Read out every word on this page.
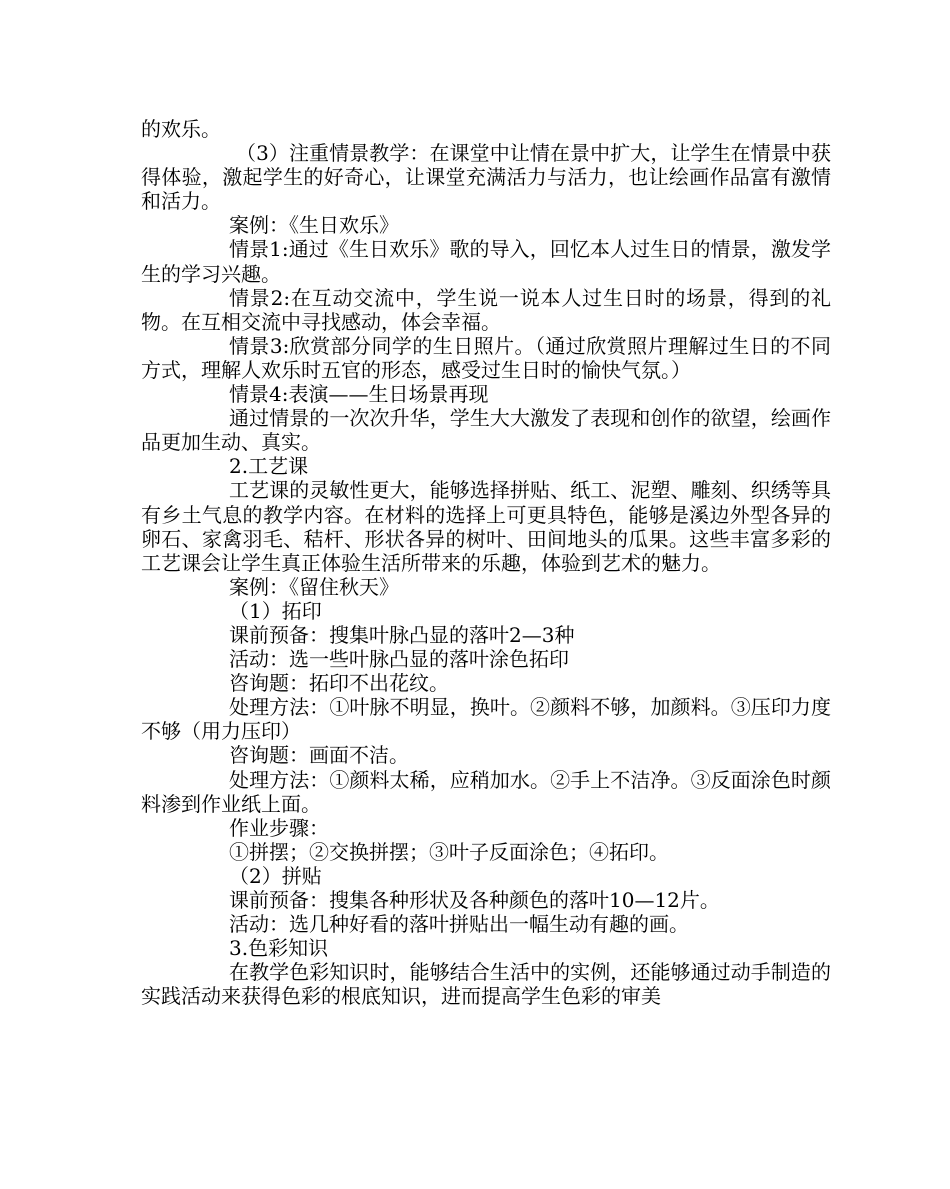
的欢乐。

（3）注重情景教学：在课堂中让情在景中扩大，让学生在情景中获得体验，激起学生的好奇心，让课堂充满活力与活力，也让绘画作品富有激情和活力。

案例：《生日欢乐》

情景1:通过《生日欢乐》歌的导入，回忆本人过生日的情景，激发学生的学习兴趣。

情景2:在互动交流中，学生说一说本人过生日时的场景，得到的礼物。在互相交流中寻找感动，体会幸福。

情景3:欣赏部分同学的生日照片。（通过欣赏照片理解过生日的不同方式，理解人欢乐时五官的形态，感受过生日时的愉快气氛。）

情景4:表演——生日场景再现

通过情景的一次次升华，学生大大激发了表现和创作的欲望，绘画作品更加生动、真实。

2.工艺课

工艺课的灵敏性更大，能够选择拼贴、纸工、泥塑、雕刻、织绣等具有乡土气息的教学内容。在材料的选择上可更具特色，能够是溪边外型各异的卵石、家禽羽毛、秸杆、形状各异的树叶、田间地头的瓜果。这些丰富多彩的工艺课会让学生真正体验生活所带来的乐趣，体验到艺术的魅力。

案例：《留住秋天》

（1）拓印

课前预备：搜集叶脉凸显的落叶2—3种

活动：选一些叶脉凸显的落叶涂色拓印

咨询题：拓印不出花纹。

处理方法：①叶脉不明显，换叶。②颜料不够，加颜料。③压印力度不够（用力压印）

咨询题：画面不洁。

处理方法：①颜料太稀，应稍加水。②手上不洁净。③反面涂色时颜料渗到作业纸上面。

作业步骤：

①拼摆；②交换拼摆；③叶子反面涂色；④拓印。

（2）拼贴

课前预备：搜集各种形状及各种颜色的落叶10—12片。

活动：选几种好看的落叶拼贴出一幅生动有趣的画。

3.色彩知识

在教学色彩知识时，能够结合生活中的实例，还能够通过动手制造的实践活动来获得色彩的根底知识，进而提高学生色彩的审美
